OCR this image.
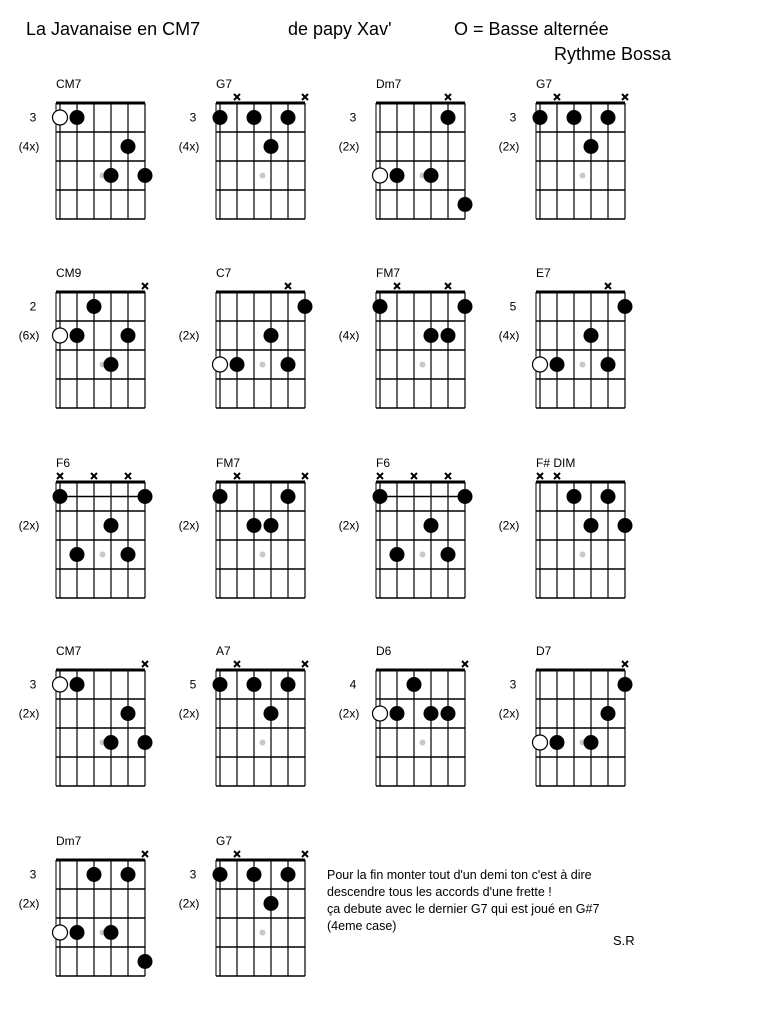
La Javanaise en CM7	de papy Xav'	O = Basse alternée
Rythme Bossa
CM7
3
(4x)
G7
3
(4x)
Dm7
3
(2x)
G7
3
(2x)
CM9
2
(6x)
C7
(2x)
FM7
(4x)
E7
5
(4x)
F6
(2x)
FM7
(2x)
F6
(2x)
F# DIM
(2x)
CM7
3
(2x)
A7
5
(2x)
D6
4
(2x)
D7
3
(2x)
Dm7
3
(2x)
G7
3
(2x)
Pour la fin monter tout d'un demi ton c'est à dire
descendre tous les accords d'une frette !
ça debute avec le dernier G7 qui est joué en G#7
(4eme case)
S.R
